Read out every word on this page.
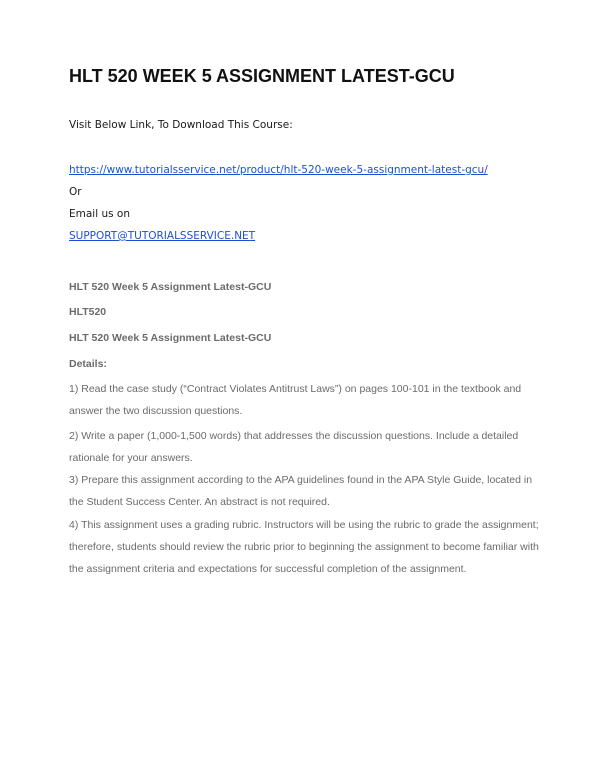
HLT 520 WEEK 5 ASSIGNMENT LATEST-GCU
Visit Below Link, To Download This Course:
https://www.tutorialsservice.net/product/hlt-520-week-5-assignment-latest-gcu/
Or
Email us on
SUPPORT@TUTORIALSSERVICE.NET
HLT 520 Week 5 Assignment Latest-GCU
HLT520
HLT 520 Week 5 Assignment Latest-GCU
Details:
1) Read the case study (“Contract Violates Antitrust Laws”) on pages 100-101 in the textbook and answer the two discussion questions.
2) Write a paper (1,000-1,500 words) that addresses the discussion questions. Include a detailed rationale for your answers.
3) Prepare this assignment according to the APA guidelines found in the APA Style Guide, located in the Student Success Center. An abstract is not required.
4) This assignment uses a grading rubric. Instructors will be using the rubric to grade the assignment; therefore, students should review the rubric prior to beginning the assignment to become familiar with the assignment criteria and expectations for successful completion of the assignment.
